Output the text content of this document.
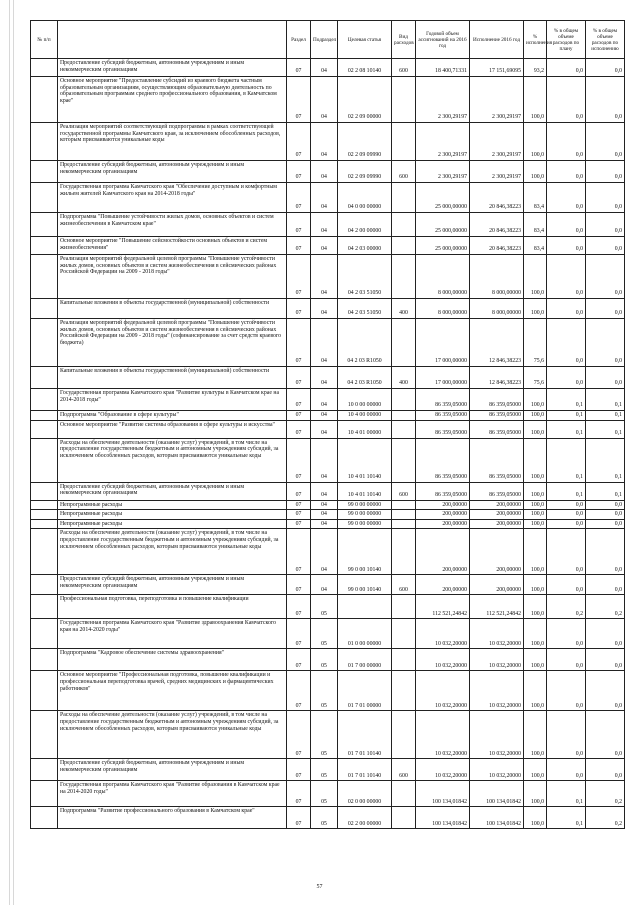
№ п/п		Раздел	Подраздел	Целевая статья	Вид расходов	Годовой объем ассигнований на 2016 год	Исполнение 2016 год	% исполнения	% в общем объеме расходов по плану	% в общем объеме расходов по исполнению
	Предоставление субсидий бюджетным, автономным учреждениям и иным некоммерческим организациям	07	04	02 2 08 10140	600	18 400,71331	17 151,69095	93,2	0,0	0,0
	Основное мероприятие "Предоставление субсидий из краевого бюджета частным образовательным организациям, осуществляющим образовательную деятельность по образовательным программам среднего профессионального образования, в Камчатском крае"	07	04	02 2 09 00000		2 300,29197	2 300,29197	100,0	0,0	0,0
	Реализация мероприятий соответствующей подпрограммы в рамках соответствующей государственной программы Камчатского края, за исключением обособленных расходов, которым присваиваются уникальные коды	07	04	02 2 09 09990		2 300,29197	2 300,29197	100,0	0,0	0,0
	Предоставление субсидий бюджетным, автономным учреждениям и иным некоммерческим организациям	07	04	02 2 09 09990	600	2 300,29197	2 300,29197	100,0	0,0	0,0
	Государственная программа Камчатского края "Обеспечение доступным и комфортным жильем жителей Камчатского края на 2014-2018 годы"	07	04	04 0 00 00000		25 000,00000	20 846,38223	83,4	0,0	0,0
	Подпрограмма "Повышение устойчивости жилых домов, основных объектов и систем жизнеобеспечения в Камчатском крае"	07	04	04 2 00 00000		25 000,00000	20 846,38223	83,4	0,0	0,0
	Основное мероприятие "Повышение сейсмостойкости основных объектов и систем жизнеобеспечения"	07	04	04 2 03 00000		25 000,00000	20 846,38223	83,4	0,0	0,0
	Реализация мероприятий федеральной целевой программы "Повышение устойчивости жилых домов, основных объектов и систем жизнеобеспечения в сейсмических районах Российской Федерации на 2009 - 2018 годы"	07	04	04 2 03 51050		8 000,00000	8 000,00000	100,0	0,0	0,0
	Капитальные вложения в объекты государственной (муниципальной) собственности	07	04	04 2 03 51050	400	8 000,00000	8 000,00000	100,0	0,0	0,0
	Реализация мероприятий федеральной целевой программы "Повышение устойчивости жилых домов, основных объектов и систем жизнеобеспечения в сейсмических районах Российской Федерации на 2009 - 2018 годы" (софинансирование за счет средств краевого бюджета)	07	04	04 2 03 R1050		17 000,00000	12 846,38223	75,6	0,0	0,0
	Капитальные вложения в объекты государственной (муниципальной) собственности	07	04	04 2 03 R1050	400	17 000,00000	12 846,38223	75,6	0,0	0,0
	Государственная программа Камчатского края "Развитие культуры в Камчатском крае на 2014-2018 годы"	07	04	10 0 00 00000		86 359,05000	86 359,05000	100,0	0,1	0,1
	Подпрограмма "Образование в сфере культуры"	07	04	10 4 00 00000		86 359,05000	86 359,05000	100,0	0,1	0,1
	Основное мероприятие "Развитие системы образования в сфере культуры и искусства"	07	04	10 4 01 00000		86 359,05000	86 359,05000	100,0	0,1	0,1
	Расходы на обеспечение деятельности (оказание услуг) учреждений, в том числе на предоставление государственным бюджетным и автономным учреждениям субсидий, за исключением обособленных расходов, которым присваиваются уникальные коды	07	04	10 4 01 10140		86 359,05000	86 359,05000	100,0	0,1	0,1
	Предоставление субсидий бюджетным, автономным учреждениям и иным некоммерческим организациям	07	04	10 4 01 10140	600	86 359,05000	86 359,05000	100,0	0,1	0,1
	Непрограммные расходы	07	04	99 0 00 00000		200,00000	200,00000	100,0	0,0	0,0
	Непрограммные расходы	07	04	99 0 00 00000		200,00000	200,00000	100,0	0,0	0,0
	Непрограммные расходы	07	04	99 0 00 00000		200,00000	200,00000	100,0	0,0	0,0
	Расходы на обеспечение деятельности (оказание услуг) учреждений, в том числе на предоставление государственным бюджетным и автономным учреждениям субсидий, за исключением обособленных расходов, которым присваиваются уникальные коды	07	04	99 0 00 10140		200,00000	200,00000	100,0	0,0	0,0
	Предоставление субсидий бюджетным, автономным учреждениям и иным некоммерческим организациям	07	04	99 0 00 10140	600	200,00000	200,00000	100,0	0,0	0,0
	Профессиональная подготовка, переподготовка и повышение квалификации	07	05			112 521,24842	112 521,24842	100,0	0,2	0,2
	Государственная программа Камчатского края "Развитие здравоохранения Камчатского края на 2014-2020 годы"	07	05	01 0 00 00000		10 032,20000	10 032,20000	100,0	0,0	0,0
	Подпрограмма "Кадровое обеспечение системы здравоохранения"	07	05	01 7 00 00000		10 032,20000	10 032,20000	100,0	0,0	0,0
	Основное мероприятие "Профессиональная подготовка, повышение квалификации и профессиональная переподготовка врачей, средних медицинских и фармацевтических работников"	07	05	01 7 01 00000		10 032,20000	10 032,20000	100,0	0,0	0,0
	Расходы на обеспечение деятельности (оказание услуг) учреждений, в том числе на предоставление государственным бюджетным и автономным учреждениям субсидий, за исключением обособленных расходов, которым присваиваются уникальные коды	07	05	01 7 01 10140		10 032,20000	10 032,20000	100,0	0,0	0,0
	Предоставление субсидий бюджетным, автономным учреждениям и иным некоммерческим организациям	07	05	01 7 01 10140	600	10 032,20000	10 032,20000	100,0	0,0	0,0
	Государственная программа Камчатского края "Развитие образования в Камчатском крае на 2014-2020 годы"	07	05	02 0 00 00000		100 134,01842	100 134,01842	100,0	0,1	0,2
	Подпрограмма "Развитие профессионального образования в Камчатском крае"	07	05	02 2 00 00000		100 134,01842	100 134,01842	100,0	0,1	0,2
57
